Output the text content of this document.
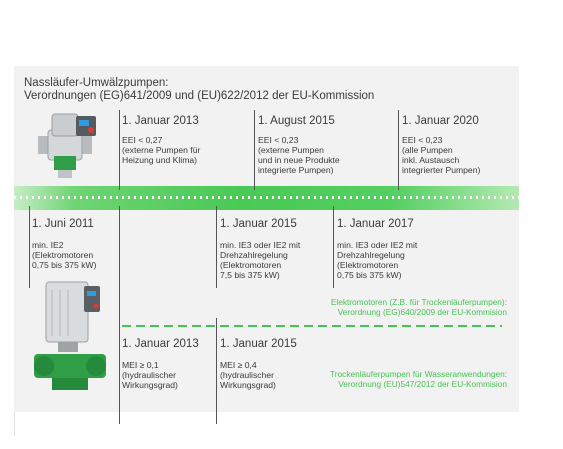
Nassläufer-Umwälzpumpen:
Verordnungen (EG)641/2009 und (EU)622/2012 der EU-Kommission
1. Januar 2013
EEI < 0,27
(externe Pumpen für
Heizung und Klima)
1. August 2015
EEI < 0,23
(externe Pumpen
und in neue Produkte
integrierte Pumpen)
1. Januar 2020
EEI < 0,23
(alle Pumpen
inkl. Austausch
integrierter Pumpen)
1. Juni 2011
min. IE2
(Elektromotoren
0,75 bis 375 kW)
1. Januar 2015
min. IE3 oder IE2 mit
Drehzahlregelung
(Elektromotoren
7,5 bis 375 kW)
1. Januar 2017
min. IE3 oder IE2 mit
Drehzahlregelung
(Elektromotoren
0,75 bis 375 kW)
Elektromotoren (Z.B. für Trockenläuferpumpen):
Verordnung (EG)640/2009 der EU-Kommision
1. Januar 2013
MEI ≥ 0,1
(hydraulischer
Wirkungsgrad)
1. Januar 2015
MEI ≥ 0,4
(hydraulischer
Wirkungsgrad)
Trockenläuferpumpen für Wasseranwendungen:
Verordnung (EU)547/2012 der EU-Kommision
